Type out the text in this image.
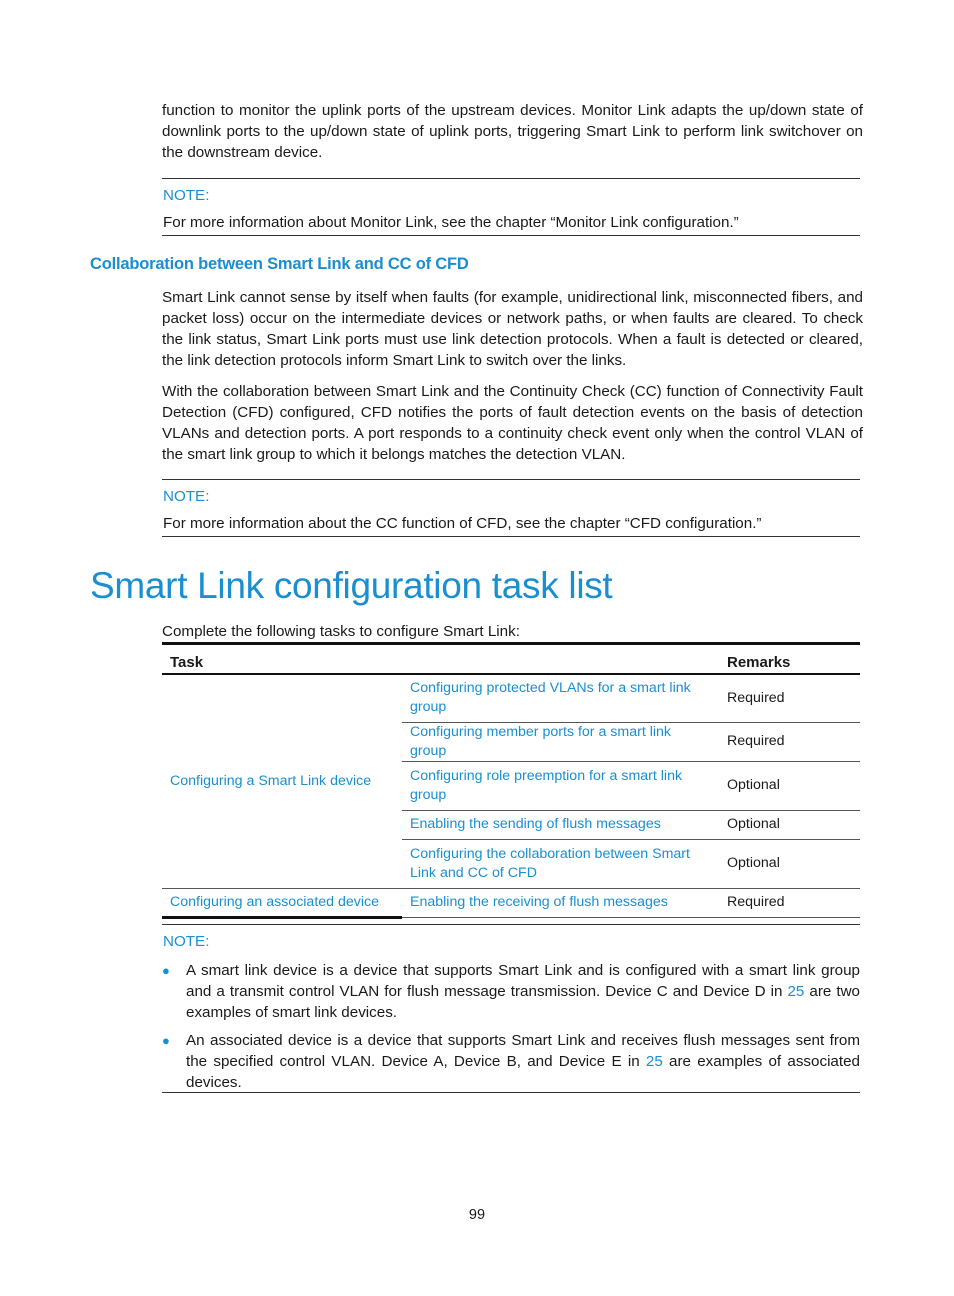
function to monitor the uplink ports of the upstream devices. Monitor Link adapts the up/down state of downlink ports to the up/down state of uplink ports, triggering Smart Link to perform link switchover on the downstream device.

NOTE:
For more information about Monitor Link, see the chapter “Monitor Link configuration.”
Collaboration between Smart Link and CC of CFD

Smart Link cannot sense by itself when faults (for example, unidirectional link, misconnected fibers, and packet loss) occur on the intermediate devices or network paths, or when faults are cleared. To check the link status, Smart Link ports must use link detection protocols. When a fault is detected or cleared, the link detection protocols inform Smart Link to switch over the links.

With the collaboration between Smart Link and the Continuity Check (CC) function of Connectivity Fault Detection (CFD) configured, CFD notifies the ports of fault detection events on the basis of detection VLANs and detection ports. A port responds to a continuity check event only when the control VLAN of the smart link group to which it belongs matches the detection VLAN.

NOTE:
For more information about the CC function of CFD, see the chapter “CFD configuration.”
Smart Link configuration task list

Complete the following tasks to configure Smart Link:

Task		Remarks
Configuring a Smart Link device	Configuring protected VLANs for a smart link group	Required
	Configuring member ports for a smart link group	Required
	Configuring role preemption for a smart link group	Optional
	Enabling the sending of flush messages	Optional
	Configuring the collaboration between Smart Link and CC of CFD	Optional
Configuring an associated device	Enabling the receiving of flush messages	Required
NOTE:
● A smart link device is a device that supports Smart Link and is configured with a smart link group and a transmit control VLAN for flush message transmission. Device C and Device D in 25 are two examples of smart link devices.
● An associated device is a device that supports Smart Link and receives flush messages sent from the specified control VLAN. Device A, Device B, and Device E in 25 are examples of associated devices.
99
